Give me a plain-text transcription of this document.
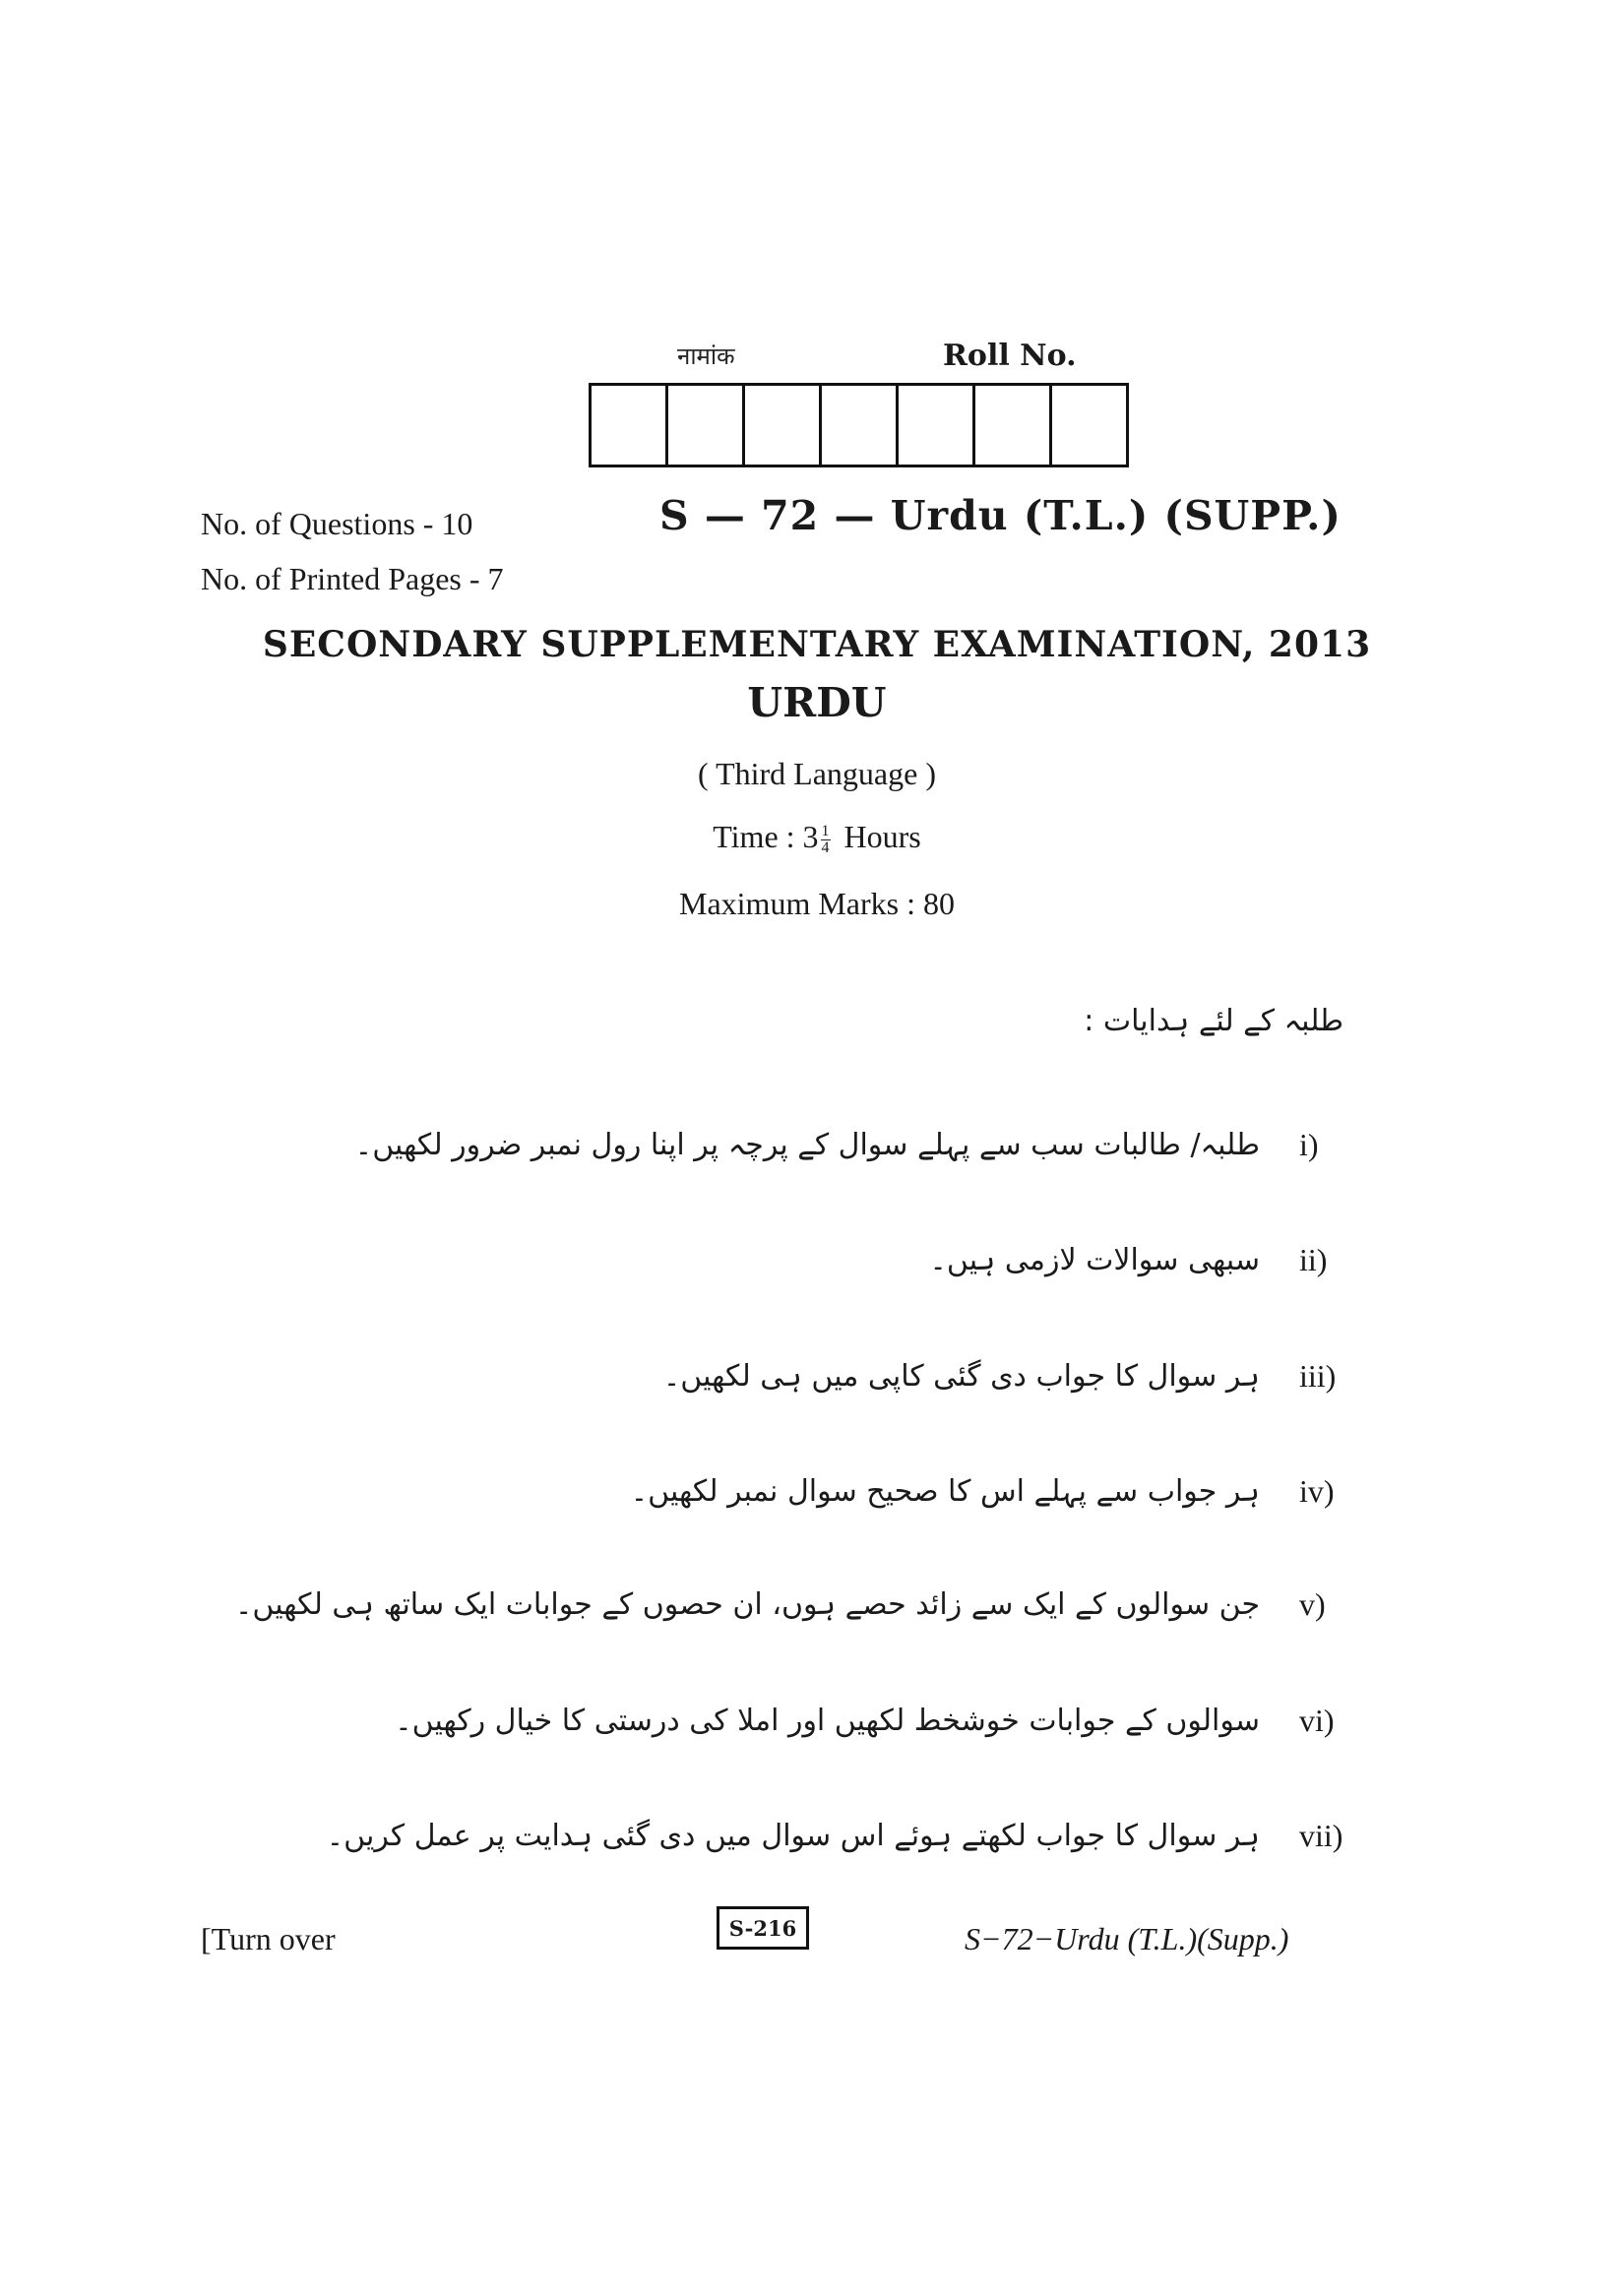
नामांक	Roll No.
No. of Questions - 10
No. of Printed Pages - 7
S — 72 — Urdu (T.L.) (SUPP.)
SECONDARY SUPPLEMENTARY EXAMINATION, 2013
URDU
( Third Language )
Time : $3 \frac{1}{4}$ Hours
Maximum Marks : 80
طلبہ کے لئے ہدایات :
i)
طلبہ/ طالبات سب سے پہلے سوال کے پرچہ پر اپنا رول نمبر ضرور لکھیں۔
ii)
سبھی سوالات لازمی ہیں۔
iii)
ہر سوال کا جواب دی گئی کاپی میں ہی لکھیں۔
iv)
ہر جواب سے پہلے اس کا صحیح سوال نمبر لکھیں۔
v)
جن سوالوں کے ایک سے زائد حصے ہوں، ان حصوں کے جوابات ایک ساتھ ہی لکھیں۔
vi)
سوالوں کے جوابات خوشخط لکھیں اور املا کی درستی کا خیال رکھیں۔
vii)
ہر سوال کا جواب لکھتے ہوئے اس سوال میں دی گئی ہدایت پر عمل کریں۔
[Turn over	S-216	S−72−Urdu (T.L.)(Supp.)
